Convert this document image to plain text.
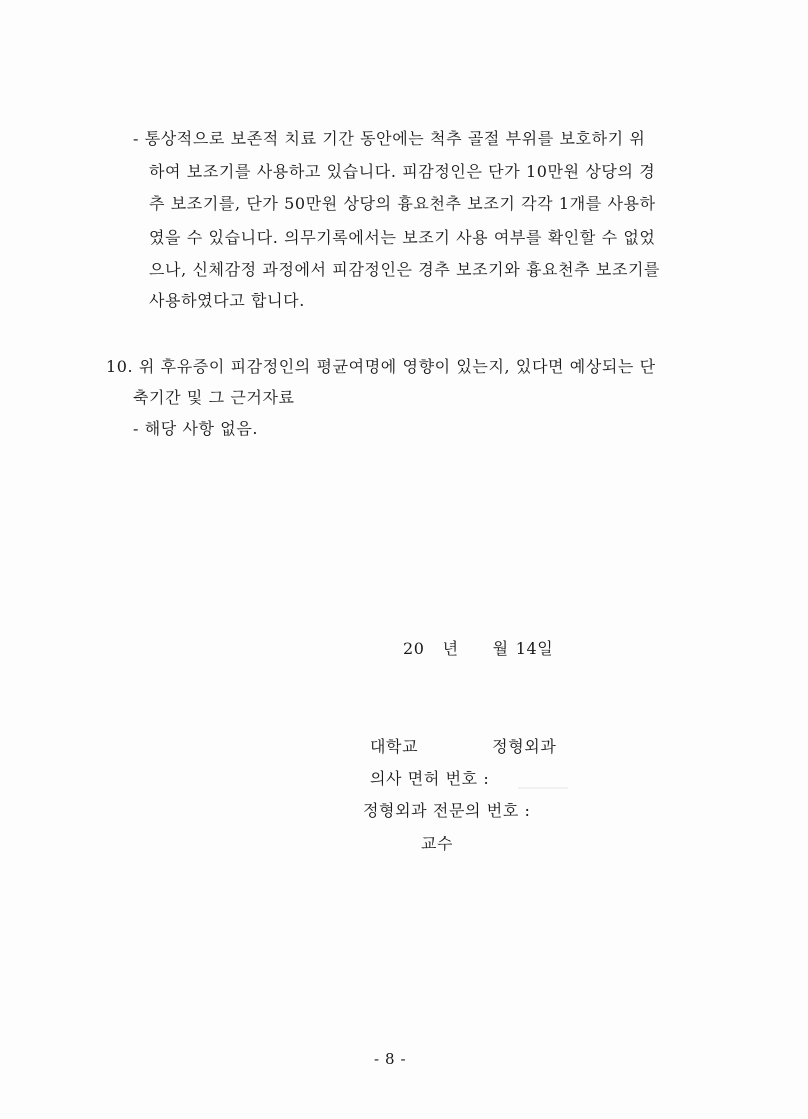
- 통상적으로 보존적 치료 기간 동안에는 척추 골절 부위를 보호하기 위
하여 보조기를 사용하고 있습니다. 피감정인은 단가 10만원 상당의 경
추 보조기를, 단가 50만원 상당의 흉요천추 보조기 각각 1개를 사용하
였을 수 있습니다. 의무기록에서는 보조기 사용 여부를 확인할 수 없었
으나, 신체감정 과정에서 피감정인은 경추 보조기와 흉요천추 보조기를
사용하였다고 합니다.
10. 위 후유증이 피감정인의 평균여명에 영향이 있는지, 있다면 예상되는 단
축기간 및 그 근거자료
- 해당 사항 없음.
20 년 월 14일
대학교	정형외과
의사 면허 번호 :
정형외과 전문의 번호 :
교수
- 8 -
